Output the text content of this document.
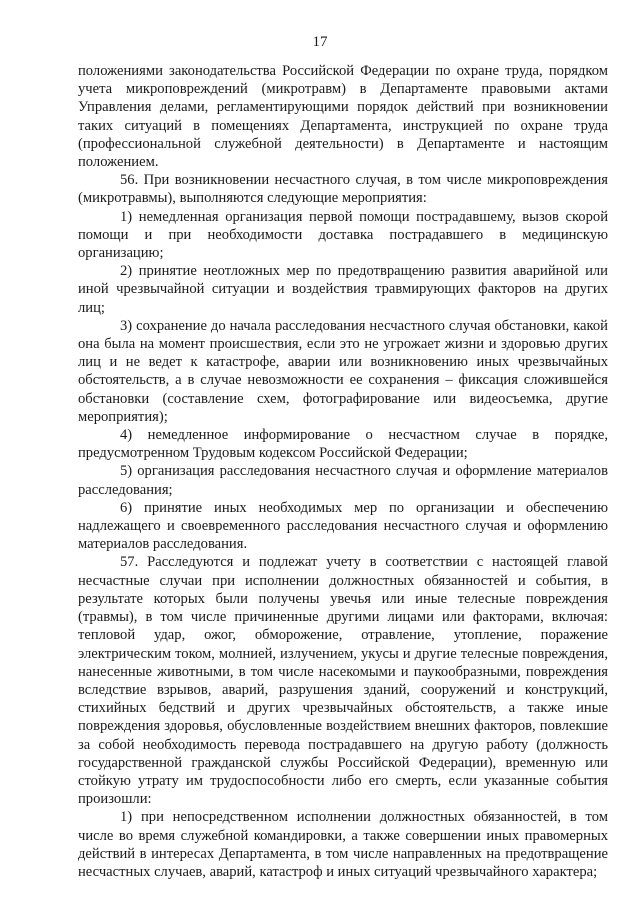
17

положениями законодательства Российской Федерации по охране труда, порядком учета микроповреждений (микротравм) в Департаменте правовыми актами Управления делами, регламентирующими порядок действий при возникновении таких ситуаций в помещениях Департамента, инструкцией по охране труда (профессиональной служебной деятельности) в Департаменте и настоящим положением.

56. При возникновении несчастного случая, в том числе микроповреждения (микротравмы), выполняются следующие мероприятия:

1) немедленная организация первой помощи пострадавшему, вызов скорой помощи и при необходимости доставка пострадавшего в медицинскую организацию;

2) принятие неотложных мер по предотвращению развития аварийной или иной чрезвычайной ситуации и воздействия травмирующих факторов на других лиц;

3) сохранение до начала расследования несчастного случая обстановки, какой она была на момент происшествия, если это не угрожает жизни и здоровью других лиц и не ведет к катастрофе, аварии или возникновению иных чрезвычайных обстоятельств, а в случае невозможности ее сохранения – фиксация сложившейся обстановки (составление схем, фотографирование или видеосъемка, другие мероприятия);

4) немедленное информирование о несчастном случае в порядке, предусмотренном Трудовым кодексом Российской Федерации;

5) организация расследования несчастного случая и оформление материалов расследования;

6) принятие иных необходимых мер по организации и обеспечению надлежащего и своевременного расследования несчастного случая и оформлению материалов расследования.

57. Расследуются и подлежат учету в соответствии с настоящей главой несчастные случаи при исполнении должностных обязанностей и события, в результате которых были получены увечья или иные телесные повреждения (травмы), в том числе причиненные другими лицами или факторами, включая: тепловой удар, ожог, обморожение, отравление, утопление, поражение электрическим током, молнией, излучением, укусы и другие телесные повреждения, нанесенные животными, в том числе насекомыми и паукообразными, повреждения вследствие взрывов, аварий, разрушения зданий, сооружений и конструкций, стихийных бедствий и других чрезвычайных обстоятельств, а также иные повреждения здоровья, обусловленные воздействием внешних факторов, повлекшие за собой необходимость перевода пострадавшего на другую работу (должность государственной гражданской службы Российской Федерации), временную или стойкую утрату им трудоспособности либо его смерть, если указанные события произошли:

1) при непосредственном исполнении должностных обязанностей, в том числе во время служебной командировки, а также совершении иных правомерных действий в интересах Департамента, в том числе направленных на предотвращение несчастных случаев, аварий, катастроф и иных ситуаций чрезвычайного характера;
